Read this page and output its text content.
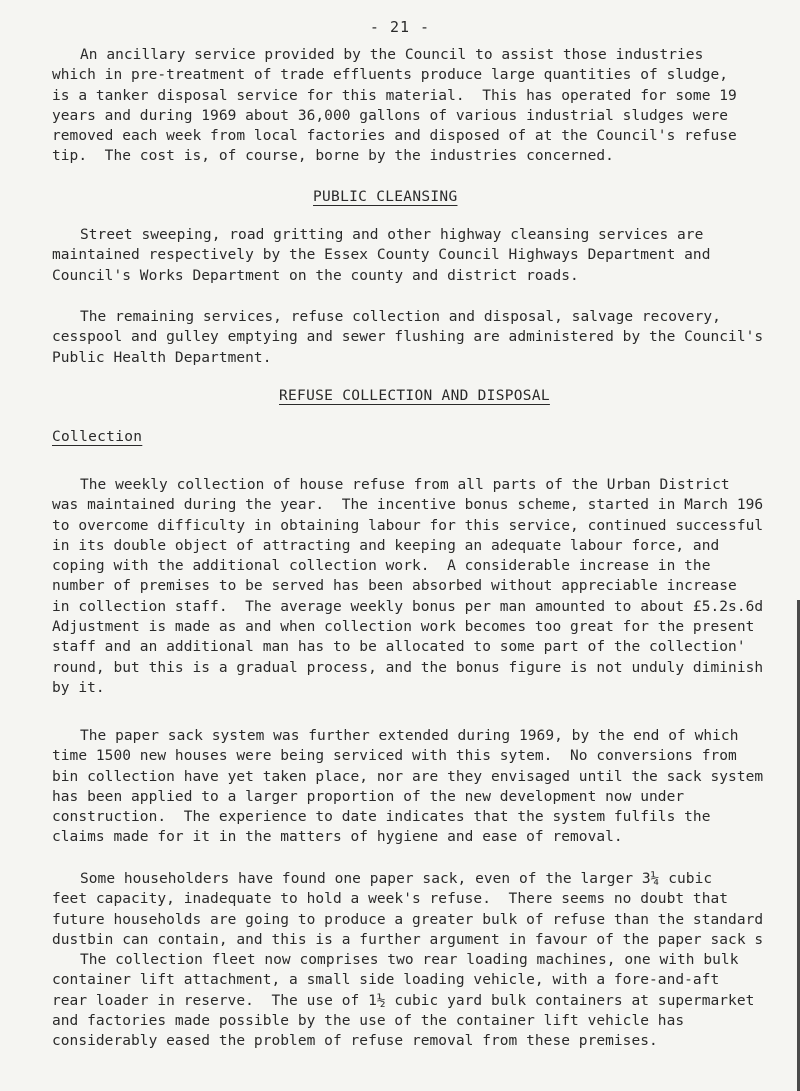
- 21 -

An ancillary service provided by the Council to assist those industries
which in pre-treatment of trade effluents produce large quantities of sludge,
is a tanker disposal service for this material.  This has operated for some 19
years and during 1969 about 36,000 gallons of various industrial sludges were
removed each week from local factories and disposed of at the Council's refuse
tip.  The cost is, of course, borne by the industries concerned.

PUBLIC CLEANSING

Street sweeping, road gritting and other highway cleansing services are
maintained respectively by the Essex County Council Highways Department and
Council's Works Department on the county and district roads.

The remaining services, refuse collection and disposal, salvage recovery,
cesspool and gulley emptying and sewer flushing are administered by the Council's
Public Health Department.

REFUSE COLLECTION AND DISPOSAL
Collection

The weekly collection of house refuse from all parts of the Urban District
was maintained during the year.  The incentive bonus scheme, started in March 196
to overcome difficulty in obtaining labour for this service, continued successful
in its double object of attracting and keeping an adequate labour force, and
coping with the additional collection work.  A considerable increase in the
number of premises to be served has been absorbed without appreciable increase
in collection staff.  The average weekly bonus per man amounted to about £5.2s.6d
Adjustment is made as and when collection work becomes too great for the present
staff and an additional man has to be allocated to some part of the collection'
round, but this is a gradual process, and the bonus figure is not unduly diminish
by it.

The paper sack system was further extended during 1969, by the end of which
time 1500 new houses were being serviced with this sytem.  No conversions from
bin collection have yet taken place, nor are they envisaged until the sack system
has been applied to a larger proportion of the new development now under
construction.  The experience to date indicates that the system fulfils the
claims made for it in the matters of hygiene and ease of removal.

Some householders have found one paper sack, even of the larger 3¼ cubic
feet capacity, inadequate to hold a week's refuse.  There seems no doubt that
future households are going to produce a greater bulk of refuse than the standard
dustbin can contain, and this is a further argument in favour of the paper sack s

The collection fleet now comprises two rear loading machines, one with bulk
container lift attachment, a small side loading vehicle, with a fore-and-aft
rear loader in reserve.  The use of 1½ cubic yard bulk containers at supermarket
and factories made possible by the use of the container lift vehicle has
considerably eased the problem of refuse removal from these premises.
